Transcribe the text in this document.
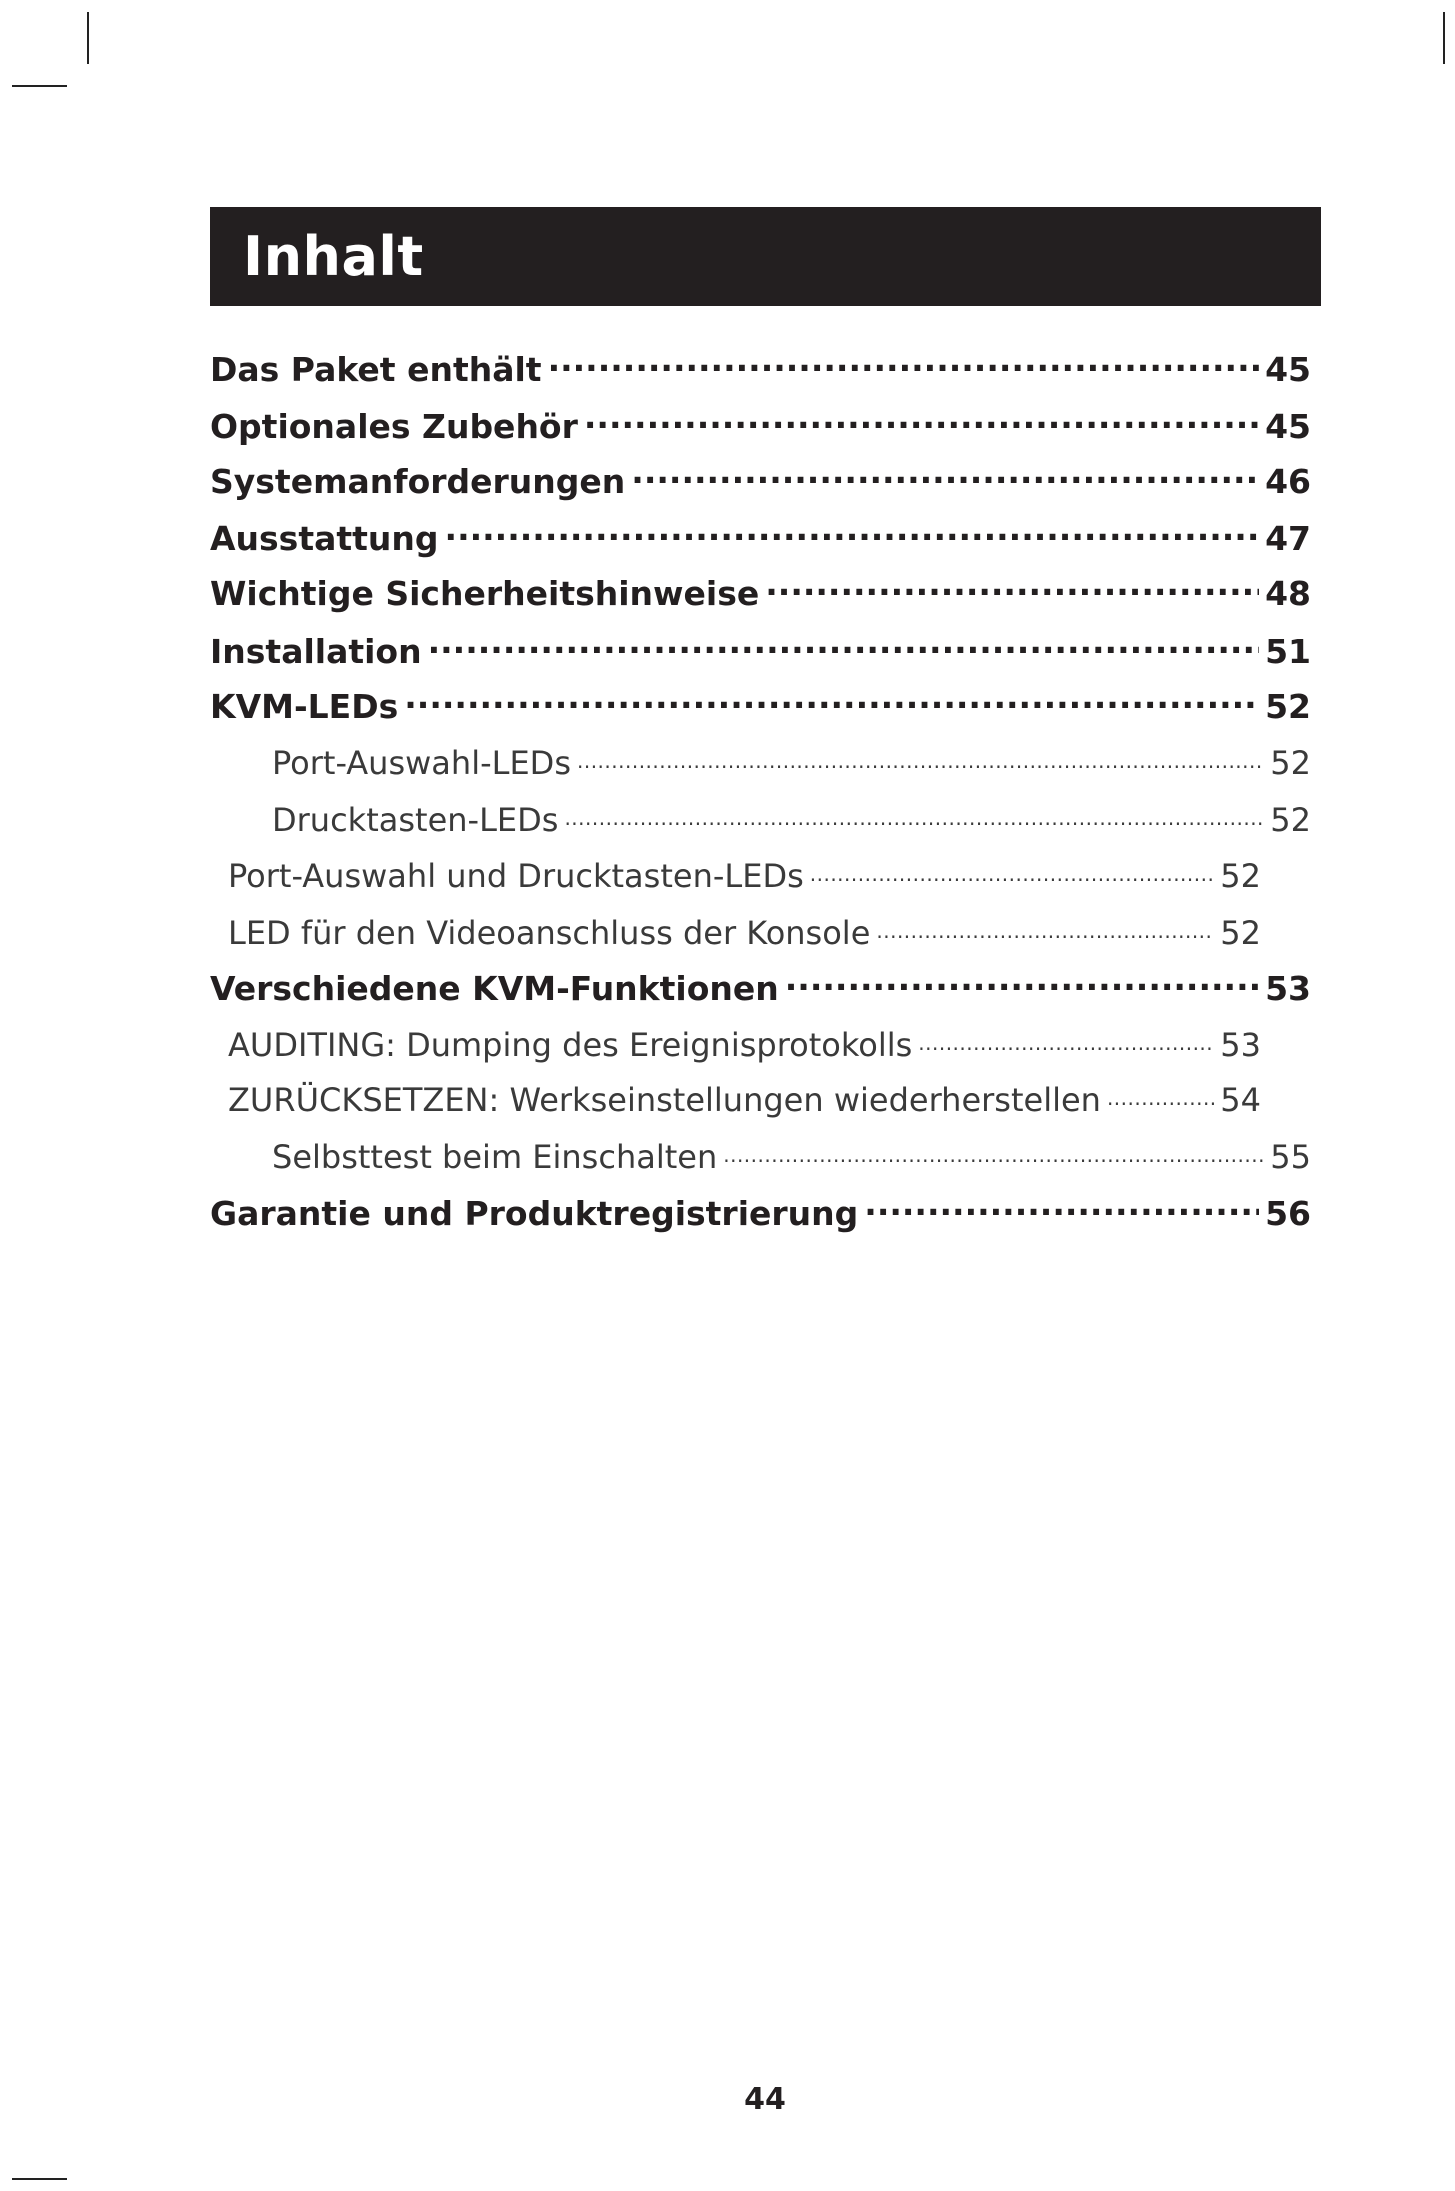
Inhalt
Das Paket enthält .....	45
Optionales Zubehör .....	45
Systemanforderungen .....	46
Ausstattung .....	47
Wichtige Sicherheitshinweise .....	48
Installation .....	51
KVM-LEDs .....	52
Port-Auswahl-LEDs .....	52
Drucktasten-LEDs .....	52
Port-Auswahl und Drucktasten-LEDs .....	52
LED für den Videoanschluss der Konsole .....	52
Verschiedene KVM-Funktionen .....	53
AUDITING: Dumping des Ereignisprotokolls .....	53
ZURÜCKSETZEN: Werkseinstellungen wiederherstellen .....	54
Selbsttest beim Einschalten .....	55
Garantie und Produktregistrierung .....	56
44
